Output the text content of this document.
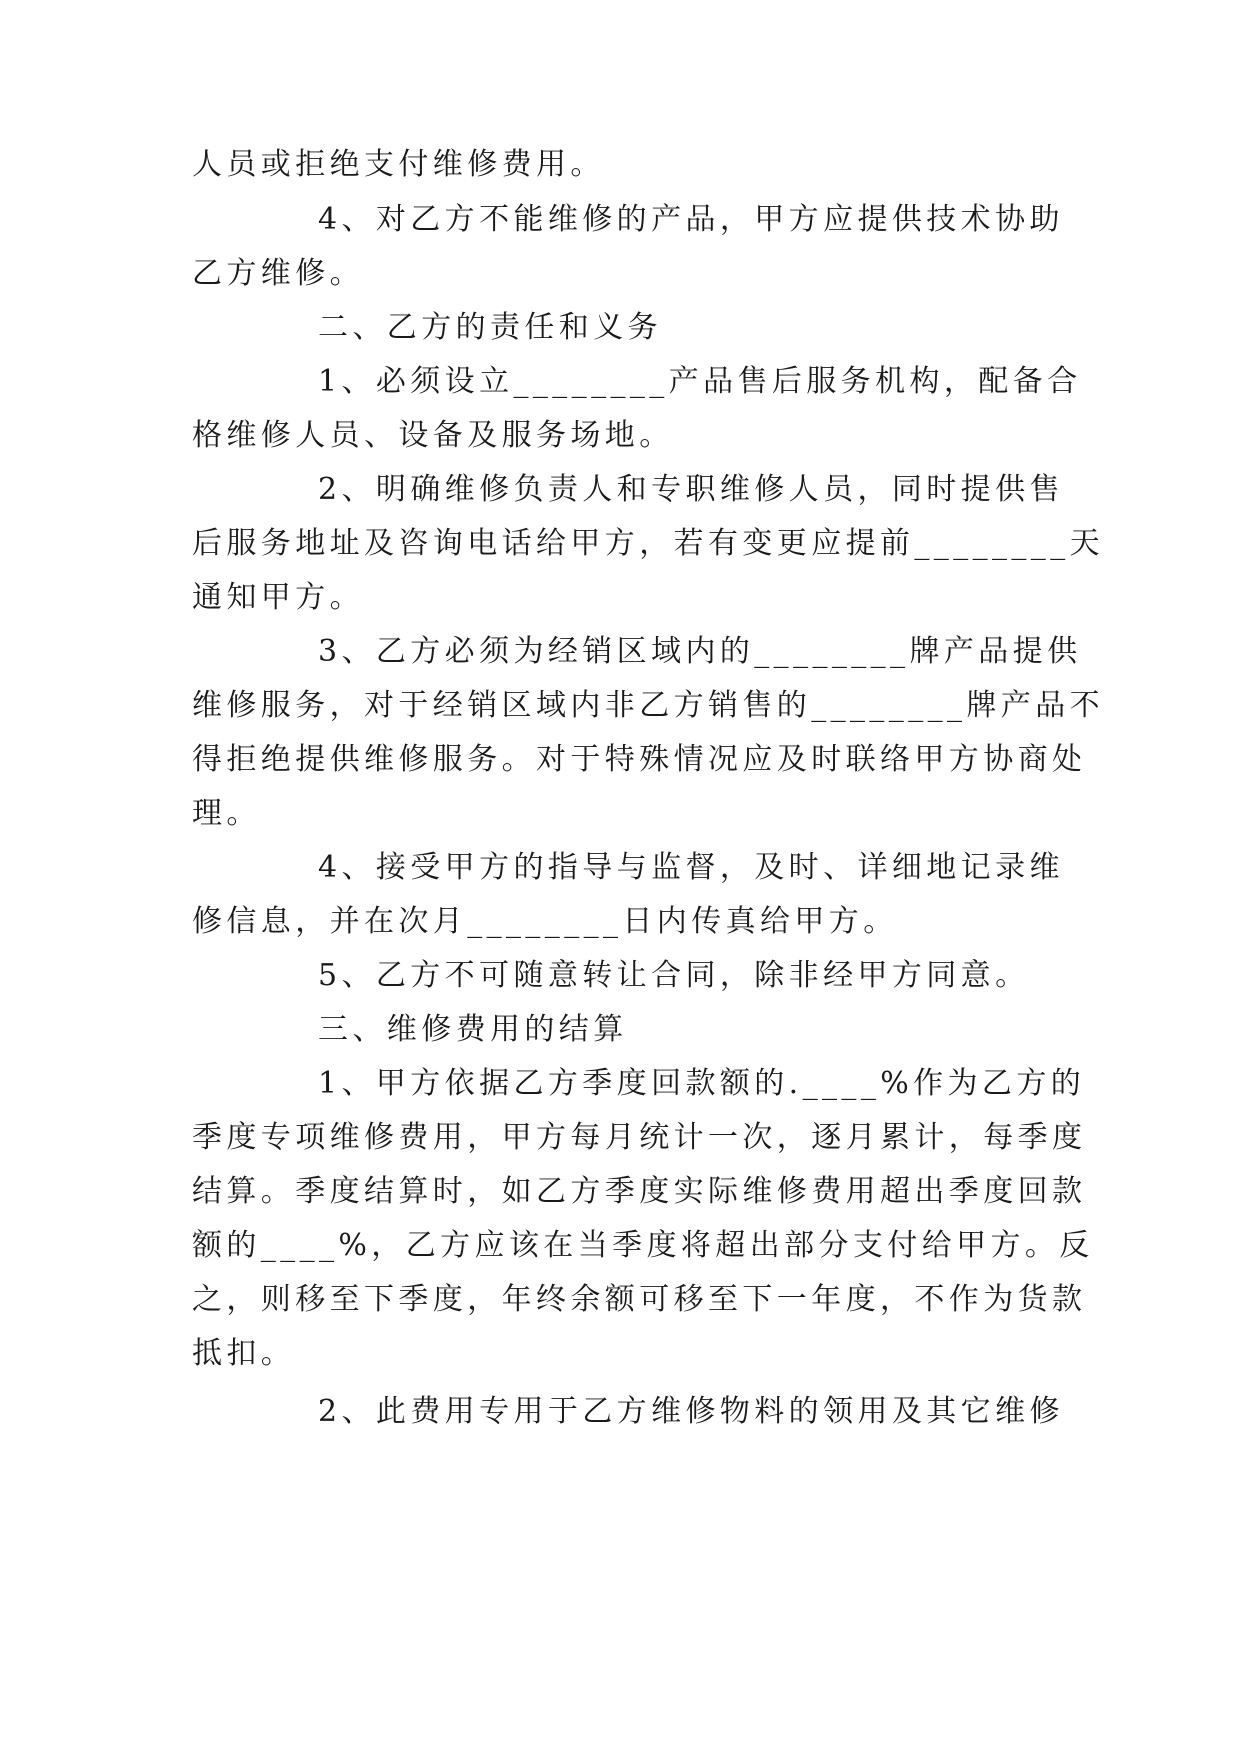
人员或拒绝支付维修费用。
4、对乙方不能维修的产品，甲方应提供技术协助
乙方维修。
二、乙方的责任和义务
1、必须设立________产品售后服务机构，配备合
格维修人员、设备及服务场地。
2、明确维修负责人和专职维修人员，同时提供售
后服务地址及咨询电话给甲方，若有变更应提前________天
通知甲方。
3、乙方必须为经销区域内的________牌产品提供
维修服务，对于经销区域内非乙方销售的________牌产品不
得拒绝提供维修服务。对于特殊情况应及时联络甲方协商处
理。
4、接受甲方的指导与监督，及时、详细地记录维
修信息，并在次月________日内传真给甲方。
5、乙方不可随意转让合同，除非经甲方同意。
三、维修费用的结算
1、甲方依据乙方季度回款额的.____%作为乙方的
季度专项维修费用，甲方每月统计一次，逐月累计，每季度
结算。季度结算时，如乙方季度实际维修费用超出季度回款
额的____%，乙方应该在当季度将超出部分支付给甲方。反
之，则移至下季度，年终余额可移至下一年度，不作为货款
抵扣。
2、此费用专用于乙方维修物料的领用及其它维修
